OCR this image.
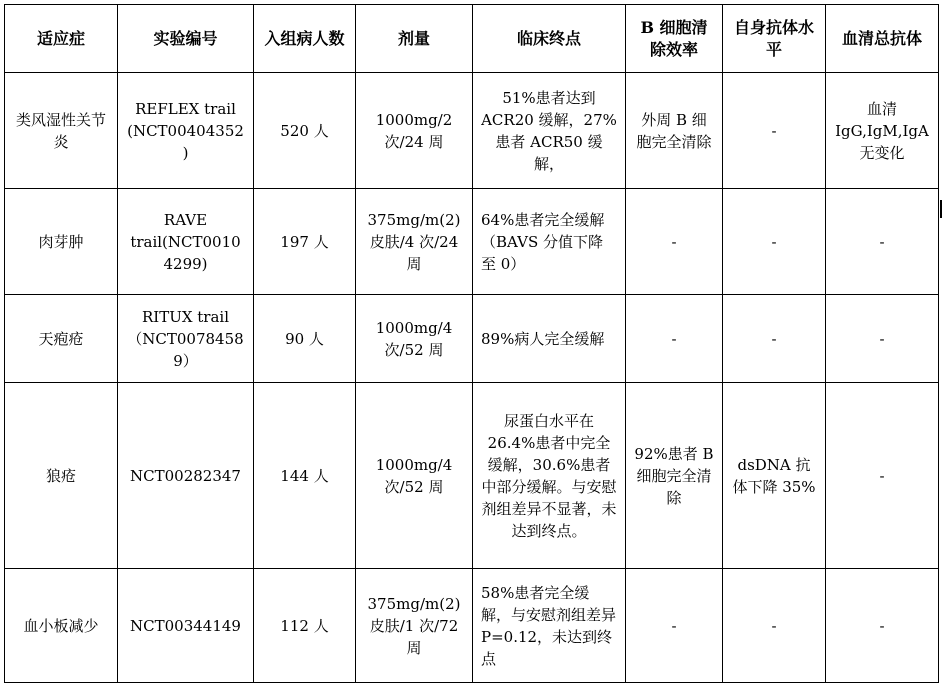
适应症	实验编号	入组病人数	剂量	临床终点	B 细胞清除效率	自身抗体水平	血清总抗体
类风湿性关节炎	REFLEX trail (NCT00404352)	520 人	1000mg/2 次/24 周	51%患者达到 ACR20 缓解，27%患者 ACR50 缓解，	外周 B 细胞完全清除	-	血清 IgG,IgM,IgA 无变化
肉芽肿	RAVE trail(NCT00104299)	197 人	375mg/m(2)皮肤/4 次/24 周	64%患者完全缓解（BAVS 分值下降至 0）	-	-	-
天疱疮	RITUX trail（NCT00784589）	90 人	1000mg/4 次/52 周	89%病人完全缓解	-	-	-
狼疮	NCT00282347	144 人	1000mg/4 次/52 周	尿蛋白水平在 26.4%患者中完全缓解，30.6%患者中部分缓解。与安慰剂组差异不显著，未达到终点。	92%患者 B 细胞完全清除	dsDNA 抗体下降 35%	-
血小板减少	NCT00344149	112 人	375mg/m(2)皮肤/1 次/72 周	58%患者完全缓解，与安慰剂组差异 P=0.12，未达到终点	-	-	-
